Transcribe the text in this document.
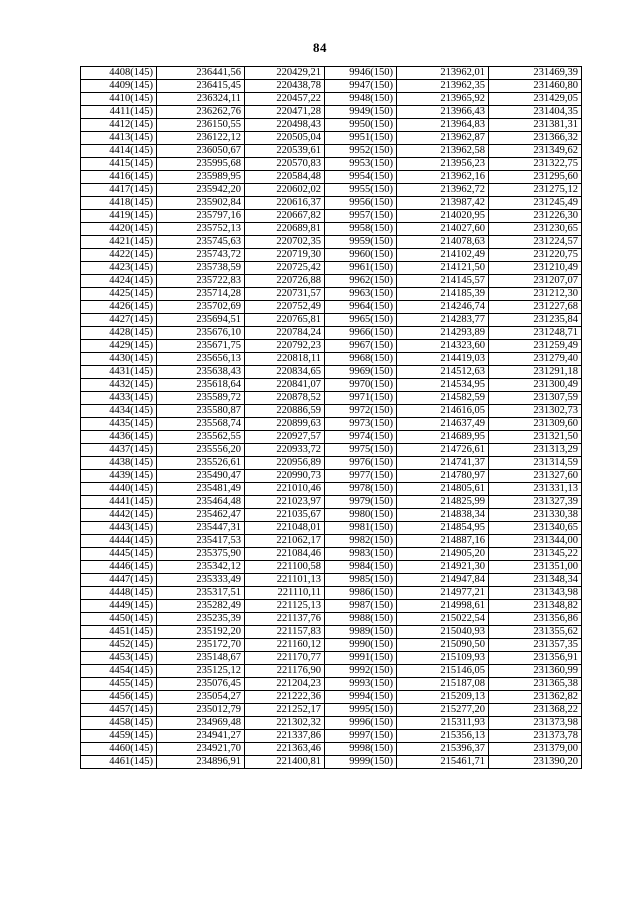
84
4408(145)	236441,56	220429,21	9946(150)	213962,01	231469,39
4409(145)	236415,45	220438,78	9947(150)	213962,35	231460,80
4410(145)	236324,11	220457,22	9948(150)	213965,92	231429,05
4411(145)	236262,76	220471,28	9949(150)	213966,43	231404,35
4412(145)	236150,55	220498,43	9950(150)	213964,83	231381,31
4413(145)	236122,12	220505,04	9951(150)	213962,87	231366,32
4414(145)	236050,67	220539,61	9952(150)	213962,58	231349,62
4415(145)	235995,68	220570,83	9953(150)	213956,23	231322,75
4416(145)	235989,95	220584,48	9954(150)	213962,16	231295,60
4417(145)	235942,20	220602,02	9955(150)	213962,72	231275,12
4418(145)	235902,84	220616,37	9956(150)	213987,42	231245,49
4419(145)	235797,16	220667,82	9957(150)	214020,95	231226,30
4420(145)	235752,13	220689,81	9958(150)	214027,60	231230,65
4421(145)	235745,63	220702,35	9959(150)	214078,63	231224,57
4422(145)	235743,72	220719,30	9960(150)	214102,49	231220,75
4423(145)	235738,59	220725,42	9961(150)	214121,50	231210,49
4424(145)	235722,83	220726,88	9962(150)	214145,57	231207,07
4425(145)	235714,28	220731,57	9963(150)	214185,39	231212,30
4426(145)	235702,69	220752,49	9964(150)	214246,74	231227,68
4427(145)	235694,51	220765,81	9965(150)	214283,77	231235,84
4428(145)	235676,10	220784,24	9966(150)	214293,89	231248,71
4429(145)	235671,75	220792,23	9967(150)	214323,60	231259,49
4430(145)	235656,13	220818,11	9968(150)	214419,03	231279,40
4431(145)	235638,43	220834,65	9969(150)	214512,63	231291,18
4432(145)	235618,64	220841,07	9970(150)	214534,95	231300,49
4433(145)	235589,72	220878,52	9971(150)	214582,59	231307,59
4434(145)	235580,87	220886,59	9972(150)	214616,05	231302,73
4435(145)	235568,74	220899,63	9973(150)	214637,49	231309,60
4436(145)	235562,55	220927,57	9974(150)	214689,95	231321,50
4437(145)	235556,20	220933,72	9975(150)	214726,61	231313,29
4438(145)	235526,61	220956,89	9976(150)	214741,37	231314,59
4439(145)	235490,47	220990,73	9977(150)	214780,97	231327,60
4440(145)	235481,49	221010,46	9978(150)	214805,61	231331,13
4441(145)	235464,48	221023,97	9979(150)	214825,99	231327,39
4442(145)	235462,47	221035,67	9980(150)	214838,34	231330,38
4443(145)	235447,31	221048,01	9981(150)	214854,95	231340,65
4444(145)	235417,53	221062,17	9982(150)	214887,16	231344,00
4445(145)	235375,90	221084,46	9983(150)	214905,20	231345,22
4446(145)	235342,12	221100,58	9984(150)	214921,30	231351,00
4447(145)	235333,49	221101,13	9985(150)	214947,84	231348,34
4448(145)	235317,51	221110,11	9986(150)	214977,21	231343,98
4449(145)	235282,49	221125,13	9987(150)	214998,61	231348,82
4450(145)	235235,39	221137,76	9988(150)	215022,54	231356,86
4451(145)	235192,20	221157,83	9989(150)	215040,93	231355,62
4452(145)	235172,70	221160,12	9990(150)	215090,50	231357,35
4453(145)	235148,67	221170,77	9991(150)	215109,93	231356,91
4454(145)	235125,12	221176,90	9992(150)	215146,05	231360,99
4455(145)	235076,45	221204,23	9993(150)	215187,08	231365,38
4456(145)	235054,27	221222,36	9994(150)	215209,13	231362,82
4457(145)	235012,79	221252,17	9995(150)	215277,20	231368,22
4458(145)	234969,48	221302,32	9996(150)	215311,93	231373,98
4459(145)	234941,27	221337,86	9997(150)	215356,13	231373,78
4460(145)	234921,70	221363,46	9998(150)	215396,37	231379,00
4461(145)	234896,91	221400,81	9999(150)	215461,71	231390,20
